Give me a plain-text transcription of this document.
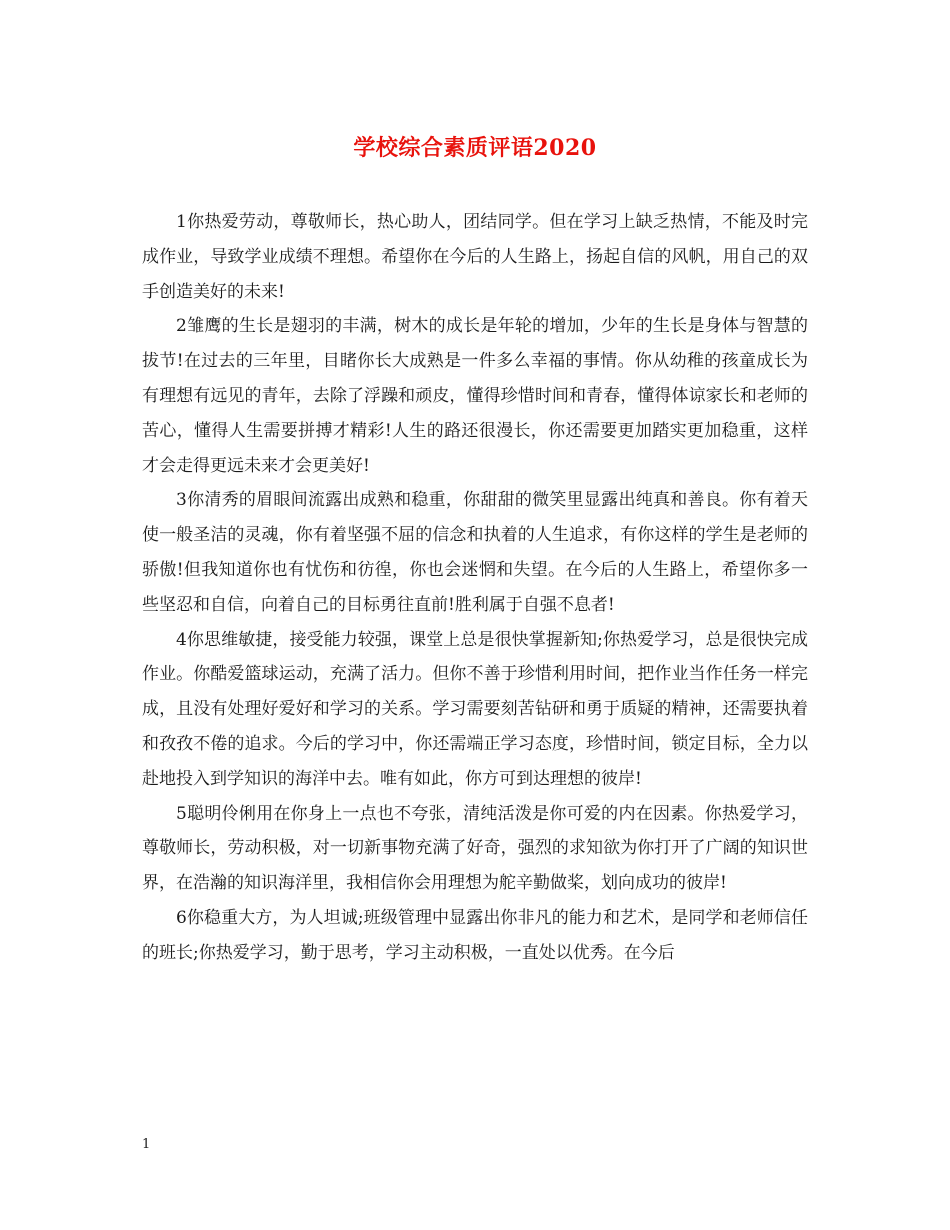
学校综合素质评语2020

1你热爱劳动，尊敬师长，热心助人，团结同学。但在学习上缺乏热情，不能及时完成作业，导致学业成绩不理想。希望你在今后的人生路上，扬起自信的风帆，用自己的双手创造美好的未来!

2雏鹰的生长是翅羽的丰满，树木的成长是年轮的增加，少年的生长是身体与智慧的拔节!在过去的三年里，目睹你长大成熟是一件多么幸福的事情。你从幼稚的孩童成长为有理想有远见的青年，去除了浮躁和顽皮，懂得珍惜时间和青春，懂得体谅家长和老师的苦心，懂得人生需要拼搏才精彩!人生的路还很漫长，你还需要更加踏实更加稳重，这样才会走得更远未来才会更美好!

3你清秀的眉眼间流露出成熟和稳重，你甜甜的微笑里显露出纯真和善良。你有着天使一般圣洁的灵魂，你有着坚强不屈的信念和执着的人生追求，有你这样的学生是老师的骄傲!但我知道你也有忧伤和彷徨，你也会迷惘和失望。在今后的人生路上，希望你多一些坚忍和自信，向着自己的目标勇往直前!胜利属于自强不息者!

4你思维敏捷，接受能力较强，课堂上总是很快掌握新知;你热爱学习，总是很快完成作业。你酷爱篮球运动，充满了活力。但你不善于珍惜利用时间，把作业当作任务一样完成，且没有处理好爱好和学习的关系。学习需要刻苦钻研和勇于质疑的精神，还需要执着和孜孜不倦的追求。今后的学习中，你还需端正学习态度，珍惜时间，锁定目标，全力以赴地投入到学知识的海洋中去。唯有如此，你方可到达理想的彼岸!

5聪明伶俐用在你身上一点也不夸张，清纯活泼是你可爱的内在因素。你热爱学习，尊敬师长，劳动积极，对一切新事物充满了好奇，强烈的求知欲为你打开了广阔的知识世界，在浩瀚的知识海洋里，我相信你会用理想为舵辛勤做桨，划向成功的彼岸!

6你稳重大方，为人坦诚;班级管理中显露出你非凡的能力和艺术，是同学和老师信任的班长;你热爱学习，勤于思考，学习主动积极，一直处以优秀。在今后

1
